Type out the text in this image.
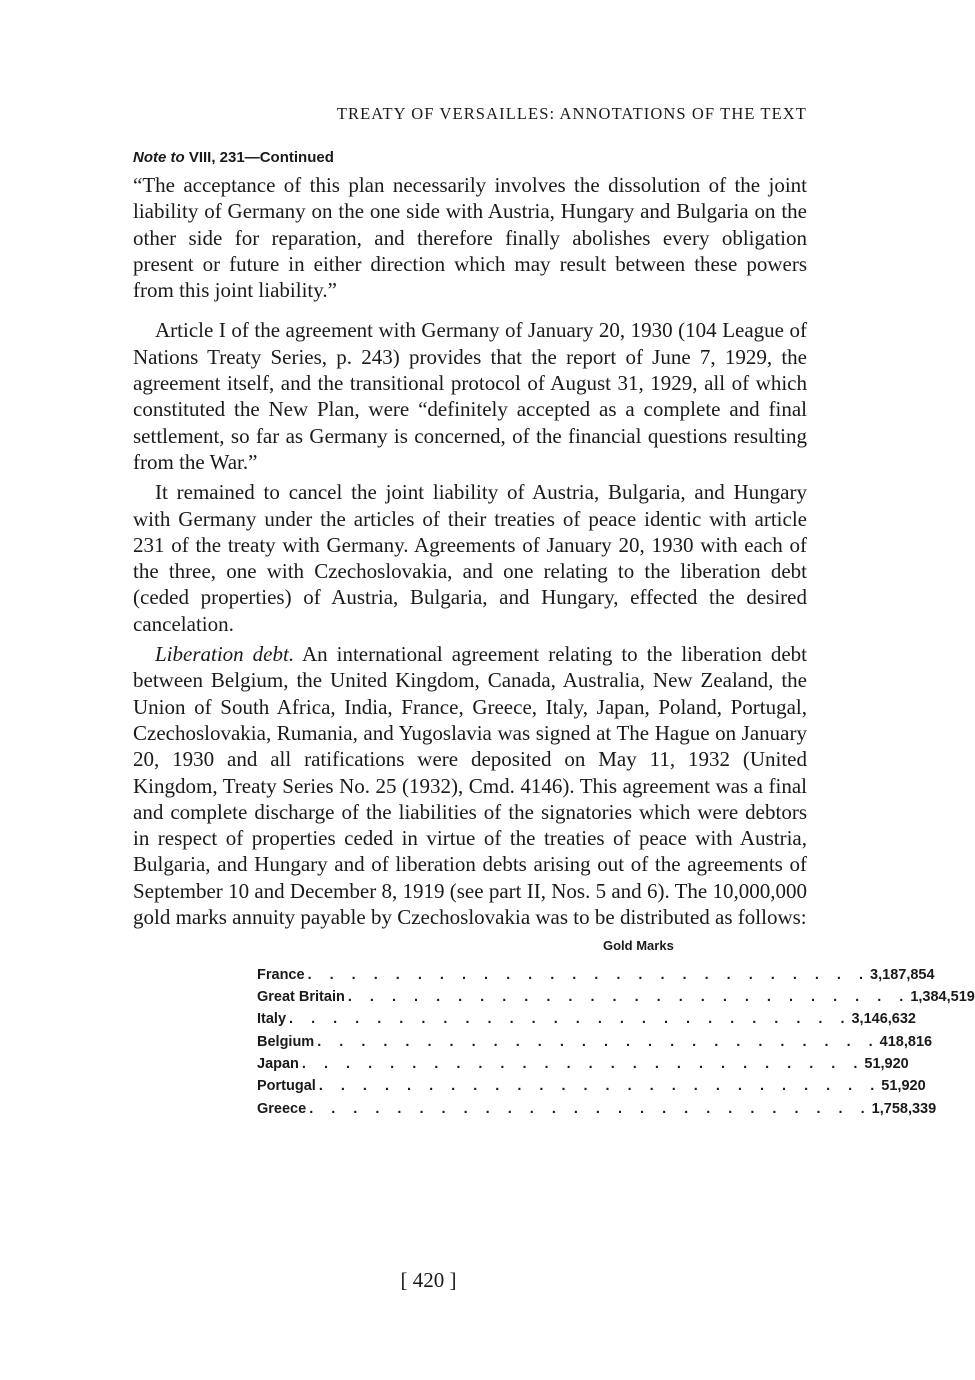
TREATY OF VERSAILLES: ANNOTATIONS OF THE TEXT
Note to VIII, 231—Continued

“The acceptance of this plan necessarily involves the dissolution of the joint liability of Germany on the one side with Austria, Hungary and Bulgaria on the other side for reparation, and therefore finally abolishes every obligation present or future in either direction which may result between these powers from this joint liability.”

Article I of the agreement with Germany of January 20, 1930 (104 League of Nations Treaty Series, p. 243) provides that the report of June 7, 1929, the agreement itself, and the transitional protocol of August 31, 1929, all of which constituted the New Plan, were “definitely accepted as a complete and final settlement, so far as Germany is concerned, of the financial questions resulting from the War.”

It remained to cancel the joint liability of Austria, Bulgaria, and Hungary with Germany under the articles of their treaties of peace identic with article 231 of the treaty with Germany. Agreements of January 20, 1930 with each of the three, one with Czechoslovakia, and one relating to the liberation debt (ceded properties) of Austria, Bulgaria, and Hungary, effected the desired cancelation.

Liberation debt. An international agreement relating to the liberation debt between Belgium, the United Kingdom, Canada, Australia, New Zealand, the Union of South Africa, India, France, Greece, Italy, Japan, Poland, Portugal, Czechoslovakia, Rumania, and Yugoslavia was signed at The Hague on January 20, 1930 and all ratifications were deposited on May 11, 1932 (United Kingdom, Treaty Series No. 25 (1932), Cmd. 4146). This agreement was a final and complete discharge of the liabilities of the signatories which were debtors in respect of properties ceded in virtue of the treaties of peace with Austria, Bulgaria, and Hungary and of liberation debts arising out of the agreements of September 10 and December 8, 1919 (see part II, Nos. 5 and 6). The 10,000,000 gold marks annuity payable by Czechoslovakia was to be distributed as follows:

Gold Marks
France . . . . . . . . . . . . . . . . . . . . . . . . . . 3,187,854
Great Britain . . . . . . . . . . . . . . . . . . . . . . . . . . 1,384,519
Italy . . . . . . . . . . . . . . . . . . . . . . . . . . 3,146,632
Belgium . . . . . . . . . . . . . . . . . . . . . . . . . . 418,816
Japan . . . . . . . . . . . . . . . . . . . . . . . . . . 51,920
Portugal . . . . . . . . . . . . . . . . . . . . . . . . . . 51,920
Greece . . . . . . . . . . . . . . . . . . . . . . . . . . 1,758,339
[ 420 ]
